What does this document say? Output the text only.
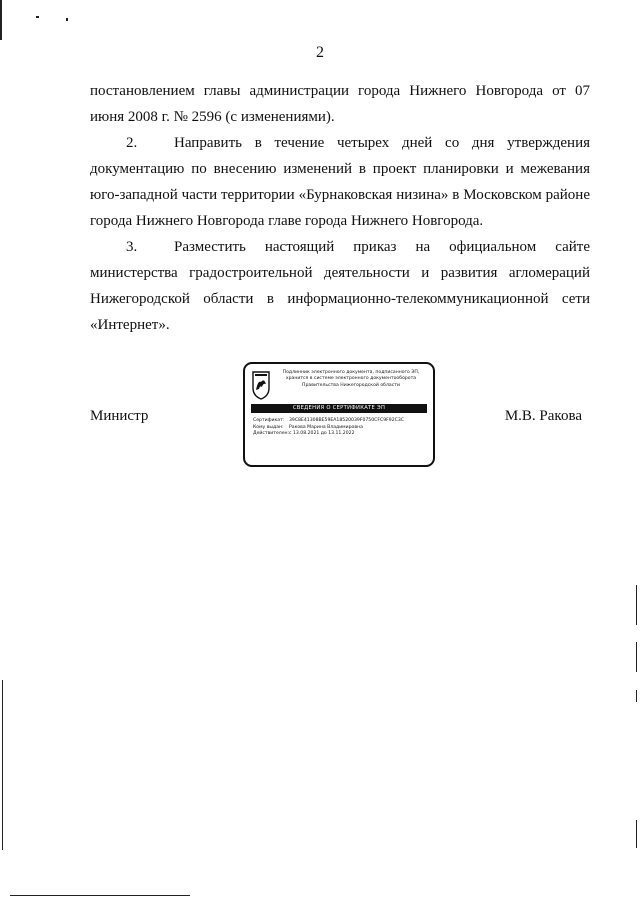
2
постановлением главы администрации города Нижнего Новгорода от 07 июня 2008 г. № 2596 (с изменениями).
2. Направить в течение четырех дней со дня утверждения документацию по внесению изменений в проект планировки и межевания юго-западной части территории «Бурнаковская низина» в Московском районе города Нижнего Новгорода главе города Нижнего Новгорода.
3. Разместить настоящий приказ на официальном сайте министерства градостроительной деятельности и развития агломераций Нижегородской области в информационно-телекоммуникационной сети «Интернет».
Министр	М.В. Ракова
Подлинник электронного документа, подписанного ЭП,
хранится в системе электронного документооборота
Правительства Нижегородской области
СВЕДЕНИЯ О СЕРТИФИКАТЕ ЭП
Сертификат: 39C8E41308BE59EA18520039F0750CFC9F92C3C
Кому выдан: Ракова Марина Владимировна
Действителен:с 13.08.2021 до 13.11.2022
